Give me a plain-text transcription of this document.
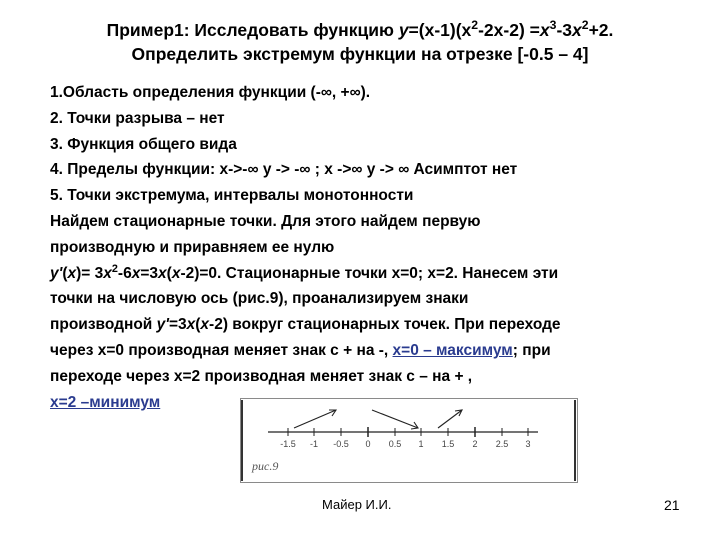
Пример1: Исследовать функцию $y=(x-1)(x^2-2x-2) =x^3-3x^2+2$.
Определить экстремум функции на отрезке [-0.5 – 4]
1.Область определения функции (-∞, +∞).
2. Точки разрыва – нет
3. Функция общего вида
4. Пределы функции: х->-∞ у -> -∞ ; х ->∞ у -> ∞ Асимптот нет
5. Точки экстремума, интервалы монотонности
Найдем стационарные точки. Для этого найдем первую
производную и приравняем ее нулю
$y'(x)= 3x^2-6x=3x(x-2)=0$. Стационарные точки х=0; х=2. Нанесем эти
точки на числовую ось (рис.9), проанализируем знаки
производной y'=3x(x-2) вокруг стационарных точек. При переходе
через х=0 производная меняет знак с + на -, х=0 – максимум; при
переходе через х=2 производная меняет знак с – на + ,
х=2 –минимум
-1.5 -1 -0.5 0 0.5 1 1.5 2 2.5 3
рис.9
Майер И.И.	21
